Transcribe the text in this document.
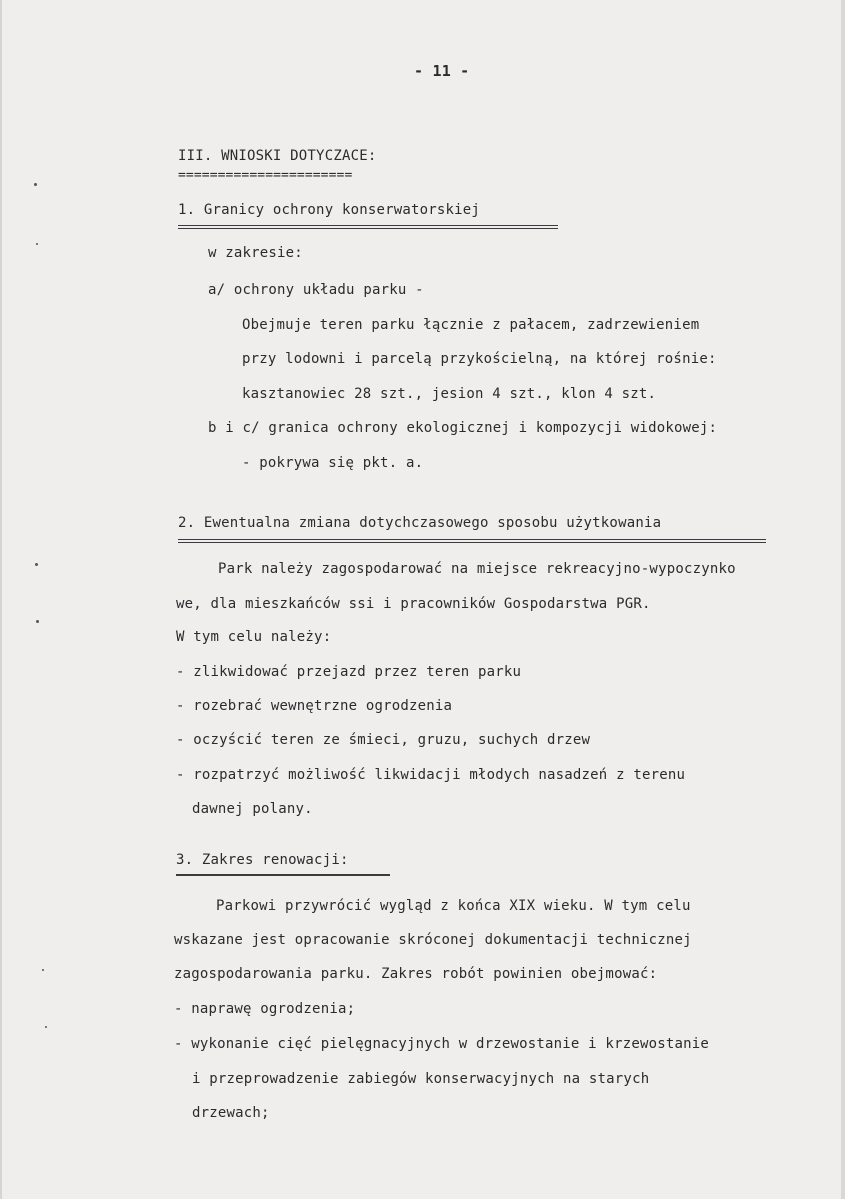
- 11 -
III. WNIOSKI DOTYCZACE:
======================
1. Granicy ochrony konserwatorskiej
w zakresie:
a/ ochrony układu parku -
Obejmuje teren parku łącznie z pałacem, zadrzewieniem
przy lodowni i parcelą przykościelną, na której rośnie:
kasztanowiec 28 szt., jesion 4 szt., klon 4 szt.
b i c/ granica ochrony ekologicznej i kompozycji widokowej:
- pokrywa się pkt. a.
2. Ewentualna zmiana dotychczasowego sposobu użytkowania
Park należy zagospodarować na miejsce rekreacyjno-wypoczynko
we, dla mieszkańców ssi i pracowników Gospodarstwa PGR.
W tym celu należy:
- zlikwidować przejazd przez teren parku
- rozebrać wewnętrzne ogrodzenia
- oczyścić teren ze śmieci, gruzu, suchych drzew
- rozpatrzyć możliwość likwidacji młodych nasadzeń z terenu
dawnej polany.
3. Zakres renowacji:
Parkowi przywrócić wygląd z końca XIX wieku. W tym celu
wskazane jest opracowanie skróconej dokumentacji technicznej
zagospodarowania parku. Zakres robót powinien obejmować:
- naprawę ogrodzenia;
- wykonanie cięć pielęgnacyjnych w drzewostanie i krzewostanie
i przeprowadzenie zabiegów konserwacyjnych na starych
drzewach;
